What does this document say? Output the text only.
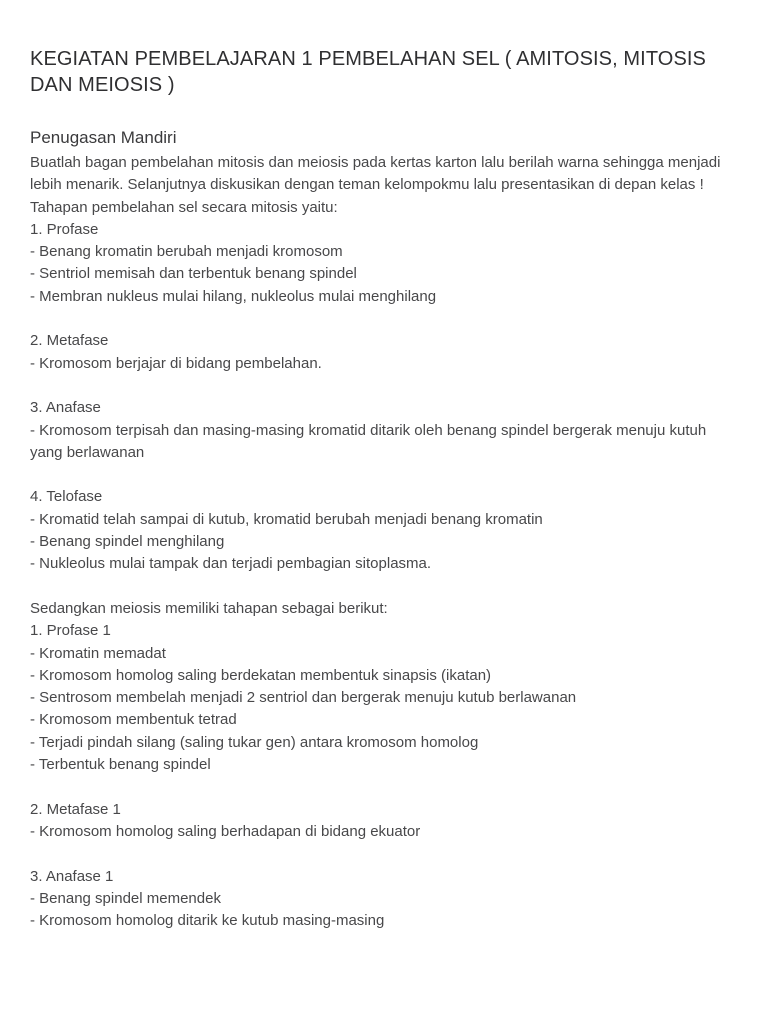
KEGIATAN PEMBELAJARAN 1 PEMBELAHAN SEL ( AMITOSIS, MITOSIS DAN MEIOSIS )
Penugasan Mandiri
Buatlah bagan pembelahan mitosis dan meiosis pada kertas karton lalu berilah warna sehingga menjadi lebih menarik. Selanjutnya diskusikan dengan teman kelompokmu lalu presentasikan di depan kelas !
Tahapan pembelahan sel secara mitosis yaitu:
1. Profase
- Benang kromatin berubah menjadi kromosom
- Sentriol memisah dan terbentuk benang spindel
- Membran nukleus mulai hilang, nukleolus mulai menghilang
2. Metafase
- Kromosom berjajar di bidang pembelahan.
3. Anafase
- Kromosom terpisah dan masing-masing kromatid ditarik oleh benang spindel bergerak menuju kutuh yang berlawanan
4. Telofase
- Kromatid telah sampai di kutub, kromatid berubah menjadi benang kromatin
- Benang spindel menghilang
- Nukleolus mulai tampak dan terjadi pembagian sitoplasma.
Sedangkan meiosis memiliki tahapan sebagai berikut:
1. Profase 1
- Kromatin memadat
- Kromosom homolog saling berdekatan membentuk sinapsis (ikatan)
- Sentrosom membelah menjadi 2 sentriol dan bergerak menuju kutub berlawanan
- Kromosom membentuk tetrad
- Terjadi pindah silang (saling tukar gen) antara kromosom homolog
- Terbentuk benang spindel
2. Metafase 1
- Kromosom homolog saling berhadapan di bidang ekuator
3. Anafase 1
- Benang spindel memendek
- Kromosom homolog ditarik ke kutub masing-masing
